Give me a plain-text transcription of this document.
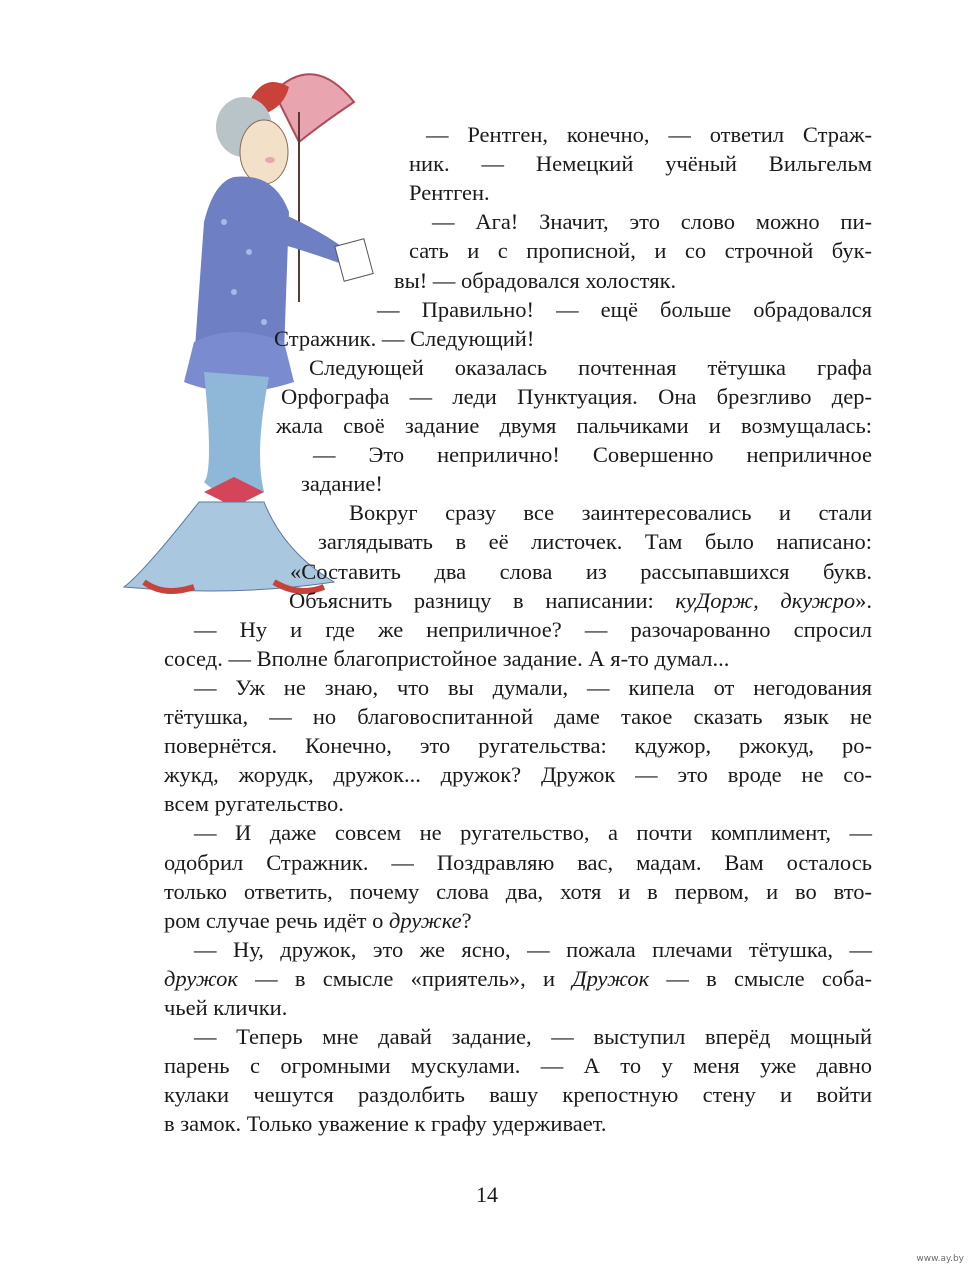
— Рентген, конечно, — ответил Страж-
ник. — Немецкий учёный Вильгельм
Рентген.
— Ага! Значит, это слово можно пи-
сать и с прописной, и со строчной бук-
вы! — обрадовался холостяк.
— Правильно! — ещё больше обрадовался
Стражник. — Следующий!
Следующей оказалась почтенная тётушка графа
Орфографа — леди Пунктуация. Она брезгливо дер-
жала своё задание двумя пальчиками и возмущалась:
— Это неприлично! Совершенно неприличное
задание!
Вокруг сразу все заинтересовались и стали
заглядывать в её листочек. Там было написано:
«Составить два слова из рассыпавшихся букв.
Объяснить разницу в написании: куДорж, дкужро».
— Ну и где же неприличное? — разочарованно спросил
сосед. — Вполне благопристойное задание. А я-то думал...
— Уж не знаю, что вы думали, — кипела от негодования
тётушка, — но благовоспитанной даме такое сказать язык не
повернётся. Конечно, это ругательства: кдужор, ржокуд, ро-
жукд, жорудк, дружок... дружок? Дружок — это вроде не со-
всем ругательство.
— И даже совсем не ругательство, а почти комплимент, —
одобрил Стражник. — Поздравляю вас, мадам. Вам осталось
только ответить, почему слова два, хотя и в первом, и во вто-
ром случае речь идёт о дружке?
— Ну, дружок, это же ясно, — пожала плечами тётушка, —
дружок — в смысле «приятель», и Дружок — в смысле соба-
чьей клички.
— Теперь мне давай задание, — выступил вперёд мощный
парень с огромными мускулами. — А то у меня уже давно
кулаки чешутся раздолбить вашу крепостную стену и войти
в замок. Только уважение к графу удерживает.
14
www.ay.by
